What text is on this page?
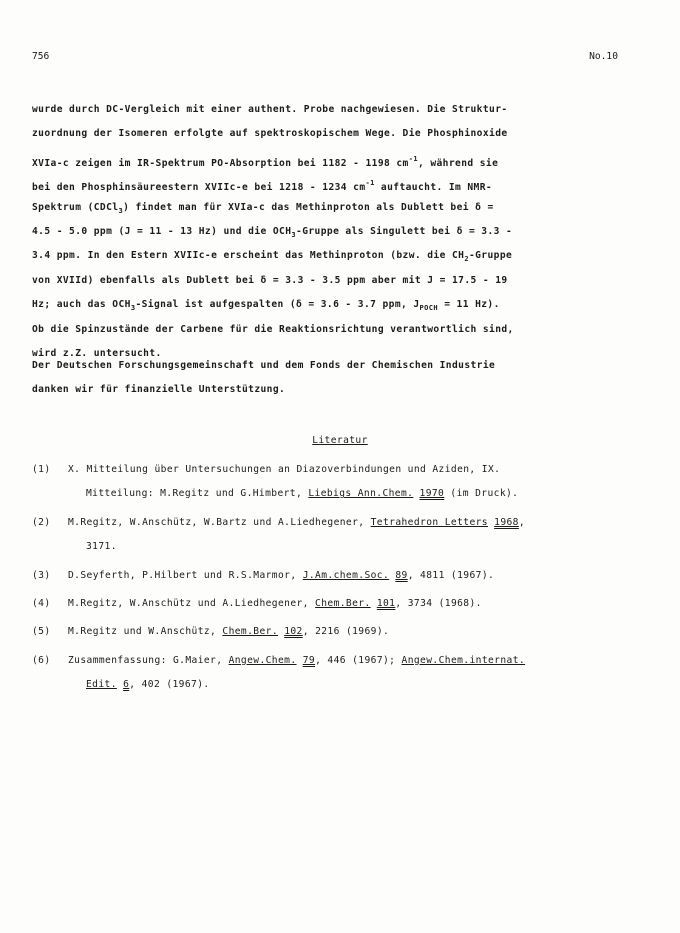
756	No.10
wurde durch DC-Vergleich mit einer authent. Probe nachgewiesen. Die Struktur-
zuordnung der Isomeren erfolgte auf spektroskopischem Wege. Die Phosphinoxide
XVIa-c zeigen im IR-Spektrum PO-Absorption bei 1182 - 1198 $cm^{-1}$, während sie
bei den Phosphinsäureestern XVIIc-e bei 1218 - 1234 $cm^{-1}$ auftaucht. Im NMR-
Spektrum (CDCl$_3$) findet man für XVIa-c das Methinproton als Dublett bei δ =
4.5 - 5.0 ppm (J = 11 - 13 Hz) und die $OCH_3$-Gruppe als Singulett bei δ = 3.3 -
3.4 ppm. In den Estern XVIIc-e erscheint das Methinproton (bzw. die $CH_2$-Gruppe
von XVIId) ebenfalls als Dublett bei δ = 3.3 - 3.5 ppm aber mit J = 17.5 - 19
Hz; auch das $OCH_3$-Signal ist aufgespalten (δ = 3.6 - 3.7 ppm, $J_{POCH} = 11$ Hz).
Ob die Spinzustände der Carbene für die Reaktionsrichtung verantwortlich sind,
wird z.Z. untersucht.
Der Deutschen Forschungsgemeinschaft und dem Fonds der Chemischen Industrie
danken wir für finanzielle Unterstützung.
Literatur
(1) X. Mitteilung über Untersuchungen an Diazoverbindungen und Aziden, IX.
Mitteilung: M.Regitz und G.Himbert, Liebigs Ann.Chem. 1970 (im Druck).
(2) M.Regitz, W.Anschütz, W.Bartz und A.Liedhegener, Tetrahedron Letters 1968,
3171.
(3) D.Seyferth, P.Hilbert und R.S.Marmor, J.Am.chem.Soc. 89, 4811 (1967).
(4) M.Regitz, W.Anschütz und A.Liedhegener, Chem.Ber. 101, 3734 (1968).
(5) M.Regitz und W.Anschütz, Chem.Ber. 102, 2216 (1969).
(6) Zusammenfassung: G.Maier, Angew.Chem. 79, 446 (1967); Angew.Chem.internat.
Edit. 6, 402 (1967).
